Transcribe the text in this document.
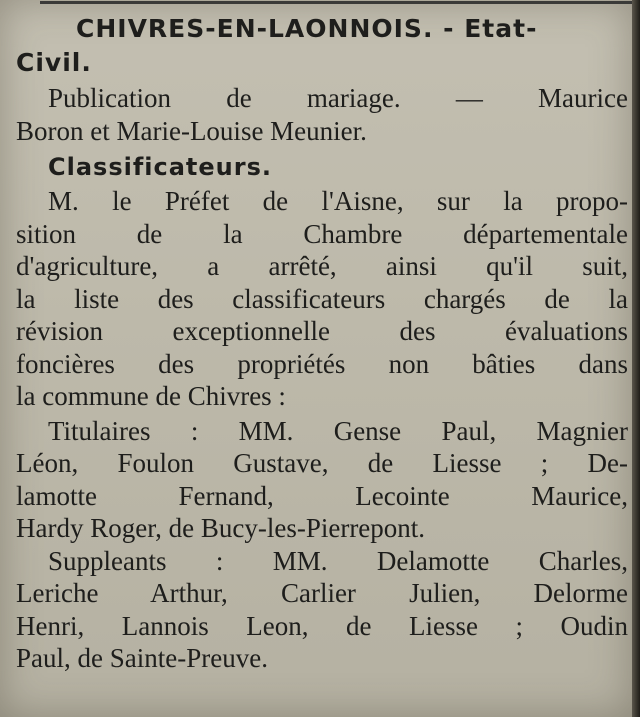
CHIVRES-EN-LAONNOIS. - Etat-
Civil.

Publication de mariage. — Maurice
Boron et Marie-Louise Meunier.

Classificateurs.

M. le Préfet de l'Aisne, sur la propo-
sition de la Chambre départementale
d'agriculture, a arrêté, ainsi qu'il suit,
la liste des classificateurs chargés de la
révision exceptionnelle des évaluations
foncières des propriétés non bâties dans
la commune de Chivres :

Titulaires : MM. Gense Paul, Magnier
Léon, Foulon Gustave, de Liesse ; De-
lamotte Fernand, Lecointe Maurice,
Hardy Roger, de Bucy-les-Pierrepont.

Suppleants : MM. Delamotte Charles,
Leriche Arthur, Carlier Julien, Delorme
Henri, Lannois Leon, de Liesse ; Oudin
Paul, de Sainte-Preuve.
